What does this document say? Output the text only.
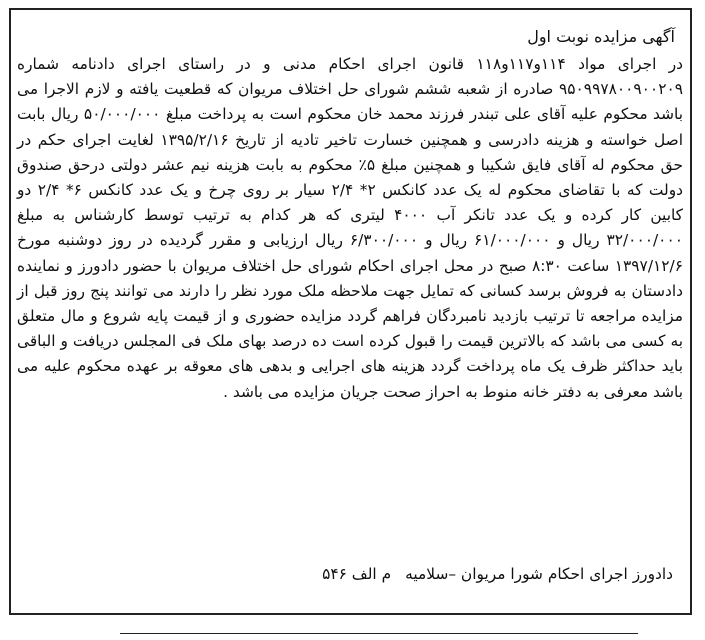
آگهی مزایده نوبت اول

در اجرای مواد ۱۱۴و۱۱۷و۱۱۸ قانون اجرای احکام مدنی و در راستای اجرای دادنامه شماره ۹۵۰۹۹۷۸۰۰۹۰۰۲۰۹ صادره از شعبه ششم شورای حل اختلاف مریوان که قطعیت یافته و لازم الاجرا می باشد محکوم علیه آقای علی تبندر فرزند محمد خان محکوم است به پرداخت مبلغ ۵۰/۰۰۰/۰۰۰ ریال بابت اصل خواسته و هزینه دادرسی و همچنین خسارت تاخیر تادیه از تاریخ ۱۳۹۵/۲/۱۶ لغایت اجرای حکم در حق محکوم له آقای فایق شکیبا و همچنین مبلغ ۵٪ محکوم به بابت هزینه نیم عشر دولتی درحق صندوق دولت که با تقاضای محکوم له یک عدد کانکس ۲* ۲/۴ سیار بر روی چرخ و یک عدد کانکس ۶* ۲/۴ دو کابین کار کرده و یک عدد تانکر آب ۴۰۰۰ لیتری که هر کدام به ترتیب توسط کارشناس به مبلغ ۳۲/۰۰۰/۰۰۰ ریال و ۶۱/۰۰۰/۰۰۰ ریال و ۶/۳۰۰/۰۰۰ ریال ارزیابی و مقرر گردیده در روز دوشنبه مورخ ۱۳۹۷/۱۲/۶ ساعت ۸:۳۰ صبح در محل اجرای احکام شورای حل اختلاف مریوان با حضور دادورز و نماینده دادستان به فروش برسد کسانی که تمایل جهت ملاحظه ملک مورد نظر را دارند می توانند پنج روز قبل از مزایده مراجعه تا ترتیب بازدید نامبردگان فراهم گردد مزایده حضوری و از قیمت پایه شروع و مال متعلق به کسی می باشد که بالاترین قیمت را قبول کرده است ده درصد بهای ملک فی المجلس دریافت و الباقی باید حداکثر ظرف یک ماه پرداخت گردد هزینه های اجرایی و بدهی های معوقه بر عهده محکوم علیه می باشد معرفی به دفتر خانه منوط به احراز صحت جریان مزایده می باشد .

دادورز اجرای احکام شورا مریوان –سلامیهم الف ۵۴۶
